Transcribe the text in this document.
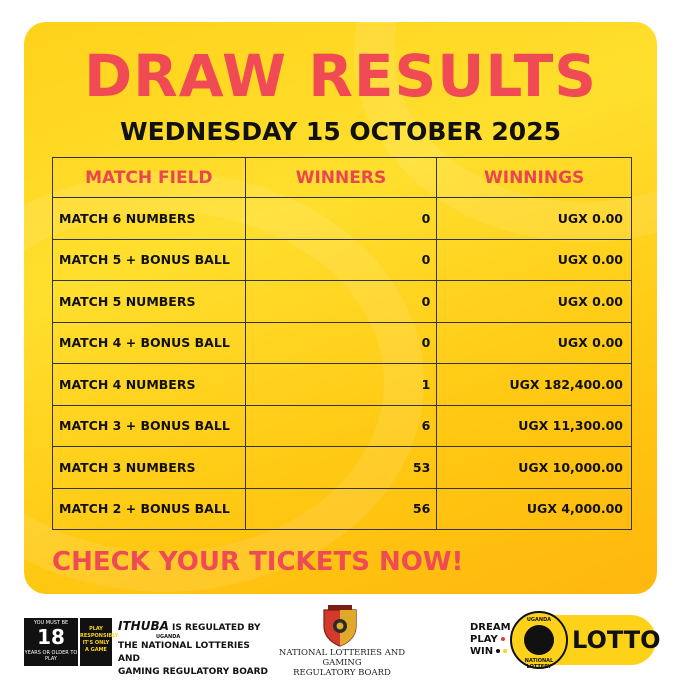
DRAW RESULTS
WEDNESDAY 15 OCTOBER 2025
MATCH FIELD	WINNERS	WINNINGS
MATCH 6 NUMBERS	0	UGX 0.00
MATCH 5 + BONUS BALL	0	UGX 0.00
MATCH 5 NUMBERS	0	UGX 0.00
MATCH 4 + BONUS BALL	0	UGX 0.00
MATCH 4 NUMBERS	1	UGX 182,400.00
MATCH 3 + BONUS BALL	6	UGX 11,300.00
MATCH 3 NUMBERS	53	UGX 10,000.00
MATCH 2 + BONUS BALL	56	UGX 4,000.00
CHECK YOUR TICKETS NOW!
YOU MUST BE
18
YEARS OR OLDER TO PLAY
PLAY
RESPONSIBLY
IT'S ONLY
A GAME
ITHUBA IS REGULATED BY
UGANDA
THE NATIONAL LOTTERIES AND
GAMING REGULATORY BOARD
NATIONAL LOTTERIES AND GAMING
REGULATORY BOARD
DREAM
PLAY
WIN
UGANDA
NATIONAL LOTTERY
LOTTO
